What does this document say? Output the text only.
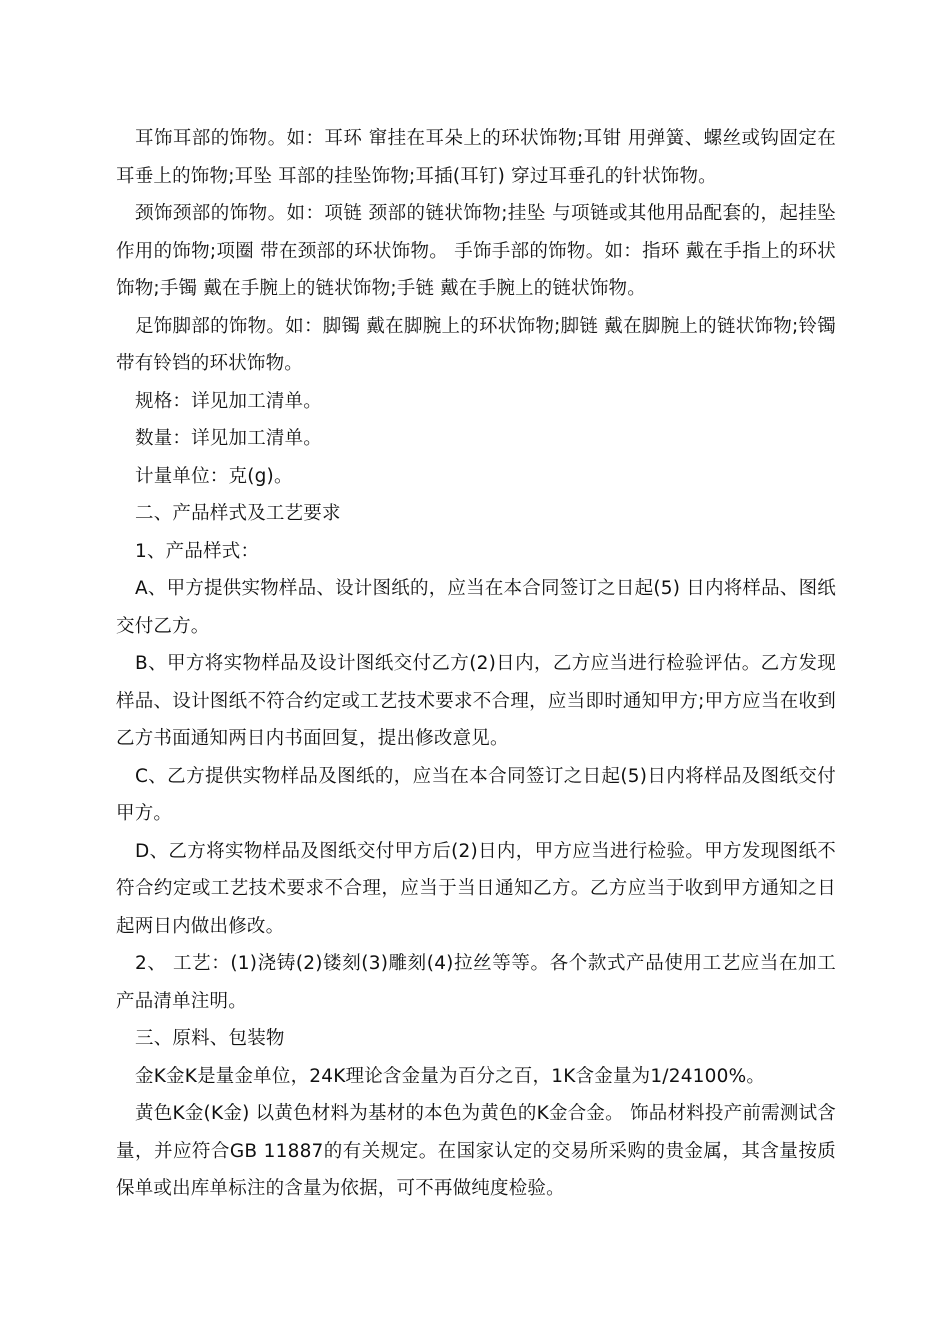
耳饰耳部的饰物。如：耳环 窜挂在耳朵上的环状饰物;耳钳 用弹簧、螺丝或钩固定在耳垂上的饰物;耳坠 耳部的挂坠饰物;耳插(耳钉) 穿过耳垂孔的针状饰物。

颈饰颈部的饰物。如：项链 颈部的链状饰物;挂坠 与项链或其他用品配套的，起挂坠作用的饰物;项圈 带在颈部的环状饰物。 手饰手部的饰物。如：指环 戴在手指上的环状饰物;手镯 戴在手腕上的链状饰物;手链 戴在手腕上的链状饰物。

足饰脚部的饰物。如：脚镯 戴在脚腕上的环状饰物;脚链 戴在脚腕上的链状饰物;铃镯 带有铃铛的环状饰物。

规格：详见加工清单。

数量：详见加工清单。

计量单位：克(g)。

二、产品样式及工艺要求

1、产品样式：

A、甲方提供实物样品、设计图纸的，应当在本合同签订之日起(5) 日内将样品、图纸交付乙方。

B、甲方将实物样品及设计图纸交付乙方(2)日内，乙方应当进行检验评估。乙方发现样品、设计图纸不符合约定或工艺技术要求不合理，应当即时通知甲方;甲方应当在收到乙方书面通知两日内书面回复，提出修改意见。

C、乙方提供实物样品及图纸的，应当在本合同签订之日起(5)日内将样品及图纸交付甲方。

D、乙方将实物样品及图纸交付甲方后(2)日内，甲方应当进行检验。甲方发现图纸不符合约定或工艺技术要求不合理，应当于当日通知乙方。乙方应当于收到甲方通知之日起两日内做出修改。

2、 工艺：(1)浇铸(2)镂刻(3)雕刻(4)拉丝等等。各个款式产品使用工艺应当在加工产品清单注明。

三、原料、包装物

金K金K是量金单位，24K理论含金量为百分之百，1K含金量为1/24100%。

黄色K金(K金) 以黄色材料为基材的本色为黄色的K金合金。 饰品材料投产前需测试含量，并应符合GB 11887的有关规定。在国家认定的交易所采购的贵金属，其含量按质保单或出库单标注的含量为依据，可不再做纯度检验。
